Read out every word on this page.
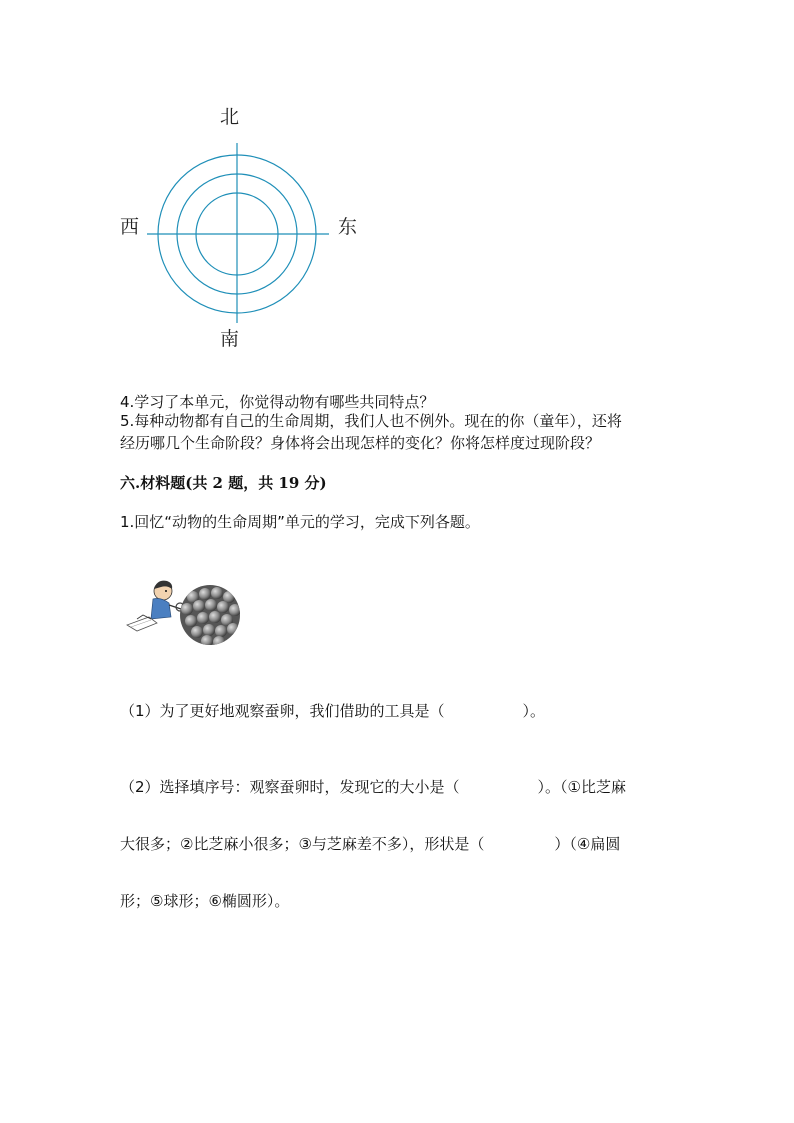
北
西	东
南
4.学习了本单元，你觉得动物有哪些共同特点？
5.每种动物都有自己的生命周期，我们人也不例外。现在的你（童年），还将
经历哪几个生命阶段？身体将会出现怎样的变化？你将怎样度过现阶段？
六.材料题(共 2 题，共 19 分)
1.回忆“动物的生命周期”单元的学习，完成下列各题。
（1）为了更好地观察蚕卵，我们借助的工具是（	）。
（2）选择填序号：观察蚕卵时，发现它的大小是（	）。（①比芝麻
大很多；②比芝麻小很多；③与芝麻差不多），形状是（	）（④扁圆
形；⑤球形；⑥椭圆形）。
